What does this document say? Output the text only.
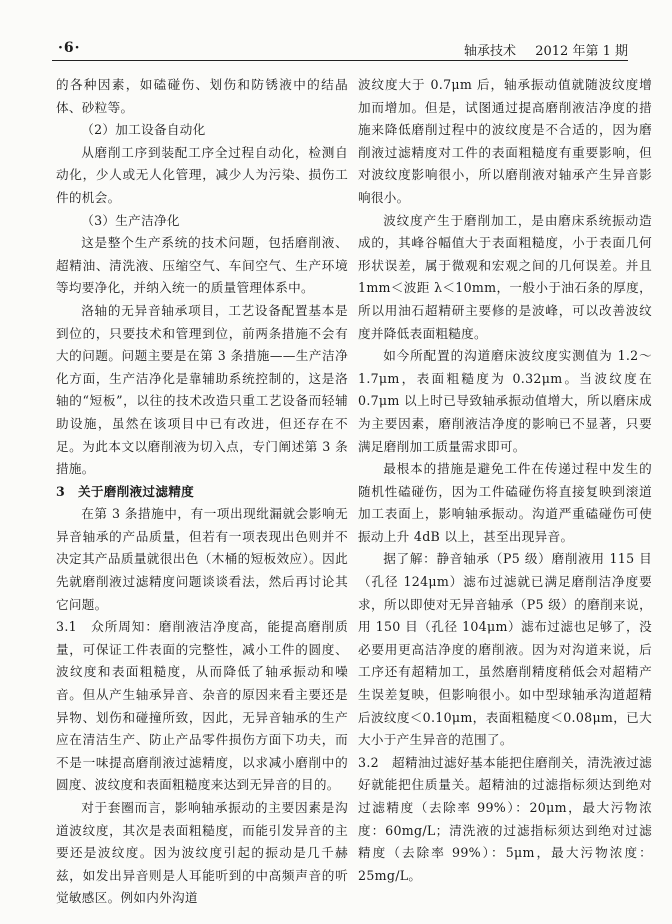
·6·	轴承技术 2012 年第 1 期

的各种因素，如磕碰伤、划伤和防锈液中的结晶体、砂粒等。

（2）加工设备自动化

从磨削工序到装配工序全过程自动化，检测自动化，少人或无人化管理，减少人为污染、损伤工件的机会。

（3）生产洁净化

这是整个生产系统的技术问题，包括磨削液、超精油、清洗液、压缩空气、车间空气、生产环境等均要净化，并纳入统一的质量管理体系中。

洛轴的无异音轴承项目，工艺设备配置基本是到位的，只要技术和管理到位，前两条措施不会有大的问题。问题主要是在第 3 条措施——生产洁净化方面，生产洁净化是靠辅助系统控制的，这是洛轴的“短板”，以往的技术改造只重工艺设备而轻辅助设施，虽然在该项目中已有改进，但还存在不足。为此本文以磨削液为切入点，专门阐述第 3 条措施。

3　关于磨削液过滤精度

在第 3 条措施中，有一项出现纰漏就会影响无异音轴承的产品质量，但若有一项表现出色则并不决定其产品质量就很出色（木桶的短板效应）。因此先就磨削液过滤精度问题谈谈看法，然后再讨论其它问题。

3.1　众所周知：磨削液洁净度高，能提高磨削质量，可保证工件表面的完整性，减小工件的圆度、波纹度和表面粗糙度，从而降低了轴承振动和噪音。但从产生轴承异音、杂音的原因来看主要还是异物、划伤和碰撞所致，因此，无异音轴承的生产应在清洁生产、防止产品零件损伤方面下功夫，而不是一味提高磨削液过滤精度，以求减小磨削中的圆度、波纹度和表面粗糙度来达到无异音的目的。

对于套圈而言，影响轴承振动的主要因素是沟道波纹度，其次是表面粗糙度，而能引发异音的主要还是波纹度。因为波纹度引起的振动是几千赫兹，如发出异音则是人耳能听到的中高频声音的听觉敏感区。例如内外沟道

波纹度大于 0.7μm 后，轴承振动值就随波纹度增加而增加。但是，试图通过提高磨削液洁净度的措施来降低磨削过程中的波纹度是不合适的，因为磨削液过滤精度对工件的表面粗糙度有重要影响，但对波纹度影响很小，所以磨削液对轴承产生异音影响很小。

波纹度产生于磨削加工，是由磨床系统振动造成的，其峰谷幅值大于表面粗糙度，小于表面几何形状误差，属于微观和宏观之间的几何误差。并且 1mm＜波距 λ＜10mm，一般小于油石条的厚度，所以用油石超精研主要修的是波峰，可以改善波纹度并降低表面粗糙度。

如今所配置的沟道磨床波纹度实测值为 1.2～1.7μm，表面粗糙度为 0.32μm。当波纹度在 0.7μm 以上时已导致轴承振动值增大，所以磨床成为主要因素，磨削液洁净度的影响已不显著，只要满足磨削加工质量需求即可。

最根本的措施是避免工件在传递过程中发生的随机性磕碰伤，因为工件磕碰伤将直接复映到滚道加工表面上，影响轴承振动。沟道严重磕碰伤可使振动上升 4dB 以上，甚至出现异音。

据了解：静音轴承（P5 级）磨削液用 115 目（孔径 124μm）滤布过滤就已满足磨削洁净度要求，所以即使对无异音轴承（P5 级）的磨削来说，用 150 目（孔径 104μm）滤布过滤也足够了，没必要用更高洁净度的磨削液。因为对沟道来说，后工序还有超精加工，虽然磨削精度稍低会对超精产生误差复映，但影响很小。如中型球轴承沟道超精后波纹度＜0.10μm，表面粗糙度＜0.08μm，已大大小于产生异音的范围了。

3.2　超精油过滤好基本能把住磨削关，清洗液过滤好就能把住质量关。超精油的过滤指标须达到绝对过滤精度（去除率 99%）：20μm，最大污物浓度：60mg/L；清洗液的过滤指标须达到绝对过滤精度（去除率 99%）：5μm，最大污物浓度：25mg/L。
